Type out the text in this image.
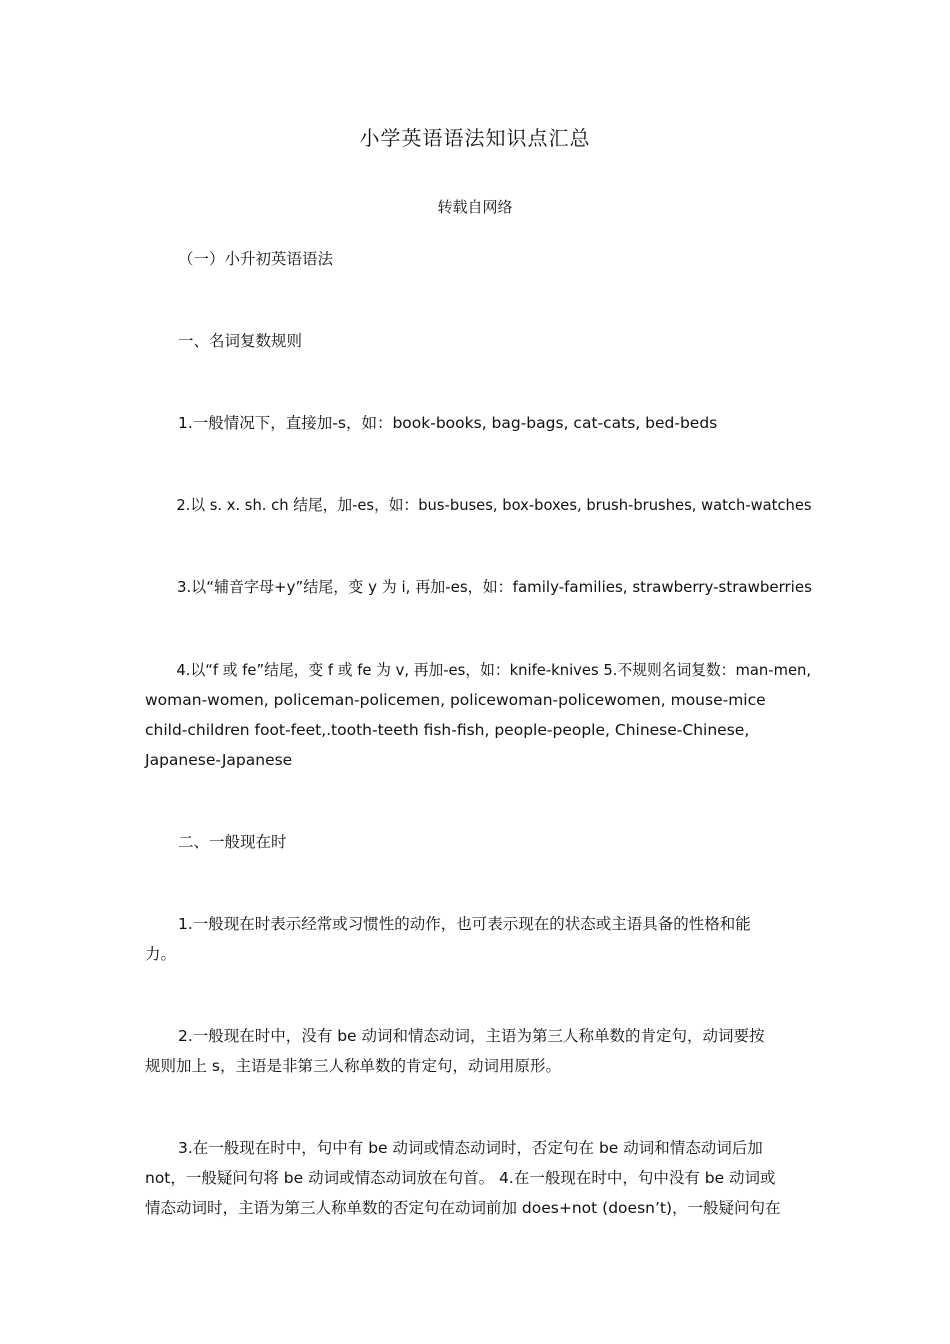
小学英语语法知识点汇总
转载自网络
（一）小升初英语语法
一、名词复数规则
1.一般情况下，直接加-s，如：book-books, bag-bags, cat-cats, bed-beds
2.以 s. x. sh. ch 结尾，加-es，如：bus-buses, box-boxes, brush-brushes, watch-watches
3.以“辅音字母+y”结尾，变 y 为 i, 再加-es，如：family-families, strawberry-strawberries
4.以“f 或 fe”结尾，变 f 或 fe 为 v, 再加-es，如：knife-knives 5.不规则名词复数：man-men,
woman-women, policeman-policemen, policewoman-policewomen, mouse-mice
child-children foot-feet,.tooth-teeth fish-fish, people-people, Chinese-Chinese,
Japanese-Japanese
二、一般现在时
1.一般现在时表示经常或习惯性的动作，也可表示现在的状态或主语具备的性格和能
力。
2.一般现在时中，没有 be 动词和情态动词，主语为第三人称单数的肯定句，动词要按
规则加上 s，主语是非第三人称单数的肯定句，动词用原形。
3.在一般现在时中，句中有 be 动词或情态动词时，否定句在 be 动词和情态动词后加
not，一般疑问句将 be 动词或情态动词放在句首。 4.在一般现在时中，句中没有 be 动词或
情态动词时，主语为第三人称单数的否定句在动词前加 does+not (doesn’t)，一般疑问句在
